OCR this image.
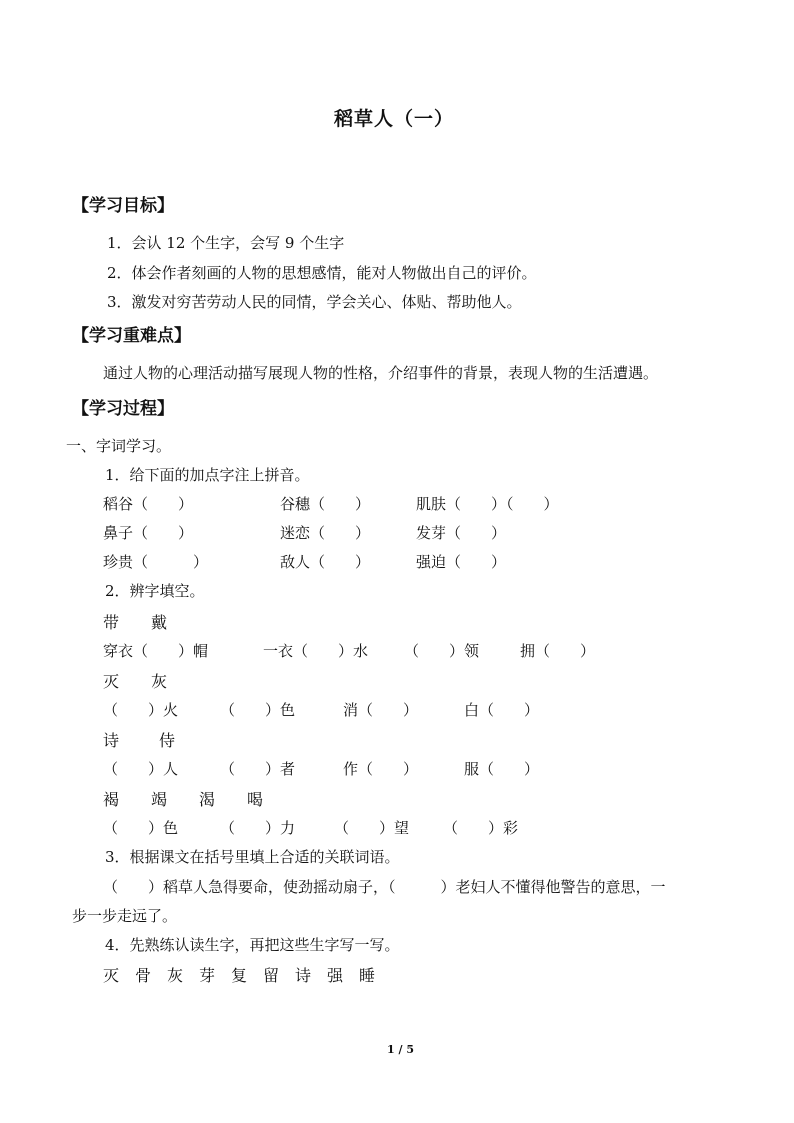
稻草人（一）
【学习目标】
1．会认 12 个生字，会写 9 个生字
2．体会作者刻画的人物的思想感情，能对人物做出自己的评价。
3．激发对穷苦劳动人民的同情，学会关心、体贴、帮助他人。
【学习重难点】
通过人物的心理活动描写展现人物的性格，介绍事件的背景，表现人物的生活遭遇。
【学习过程】
一、字词学习。
1．给下面的加点字注上拼音。
稻谷（　　）	谷穗（　　）	肌肤（　　）（　　）
鼻子（　　）	迷恋（　　）	发芽（　　）
珍贵（　　　）	敌人（　　）	强迫（　　）
2．辨字填空。
带 戴
穿衣（　　）帽	一衣（　　）水 （　　）领	拥（　　）
灭 灰
（　　）火	（　　）色	消（　　）	白（　　）
诗 侍
（　　）人	（　　）者	作（　　）	服（　　）
褐 竭 渴 喝
（　　）色	（　　）力	（　　）望 （　　）彩
3．根据课文在括号里填上合适的关联词语。
（　　）稻草人急得要命，使劲摇动扇子，（　　　）老妇人不懂得他警告的意思，一
步一步走远了。
4．先熟练认读生字，再把这些生字写一写。
灭 骨 灰 芽 复 留 诗 强 睡
1 / 5
